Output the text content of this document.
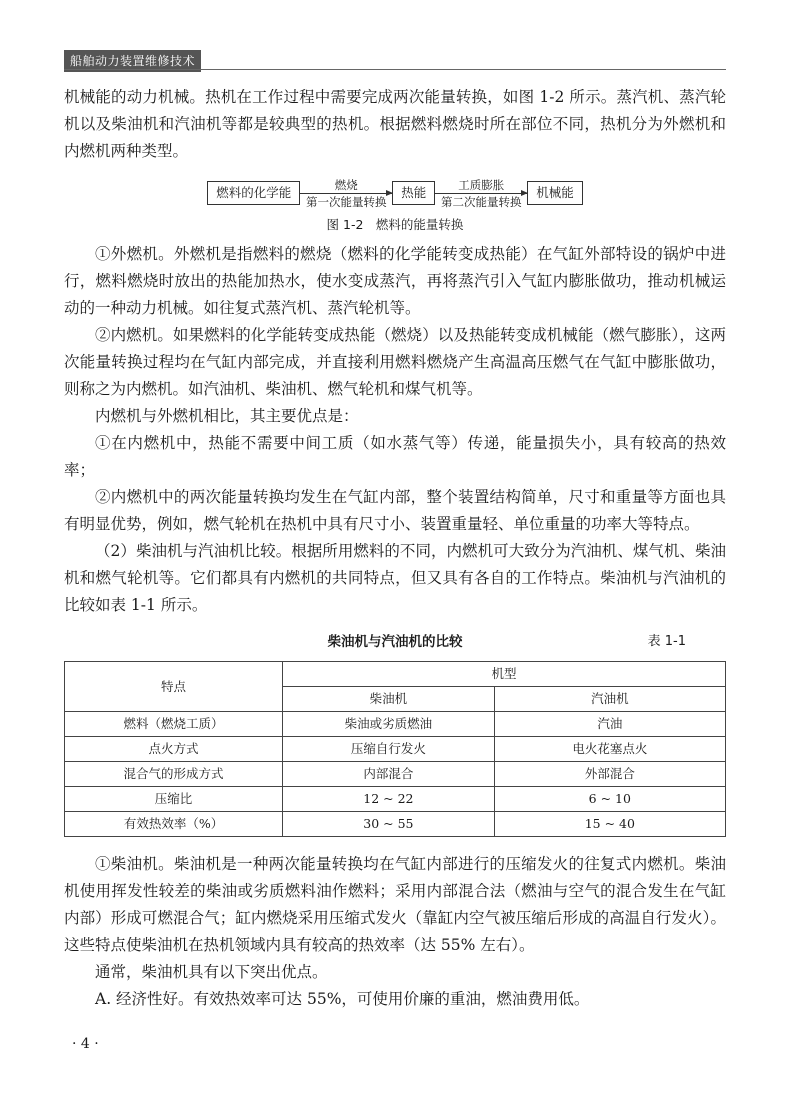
船舶动力装置维修技术

机械能的动力机械。热机在工作过程中需要完成两次能量转换，如图 1-2 所示。蒸汽机、蒸汽轮机以及柴油机和汽油机等都是较典型的热机。根据燃料燃烧时所在部位不同，热机分为外燃机和内燃机两种类型。

燃料的化学能
燃烧
第一次能量转换
热能
工质膨胀
第二次能量转换
机械能
图 1-2　燃料的能量转换

①外燃机。外燃机是指燃料的燃烧（燃料的化学能转变成热能）在气缸外部特设的锅炉中进行，燃料燃烧时放出的热能加热水，使水变成蒸汽，再将蒸汽引入气缸内膨胀做功，推动机械运动的一种动力机械。如往复式蒸汽机、蒸汽轮机等。

②内燃机。如果燃料的化学能转变成热能（燃烧）以及热能转变成机械能（燃气膨胀），这两次能量转换过程均在气缸内部完成，并直接利用燃料燃烧产生高温高压燃气在气缸中膨胀做功，则称之为内燃机。如汽油机、柴油机、燃气轮机和煤气机等。

内燃机与外燃机相比，其主要优点是：

①在内燃机中，热能不需要中间工质（如水蒸气等）传递，能量损失小，具有较高的热效率；

②内燃机中的两次能量转换均发生在气缸内部，整个装置结构简单，尺寸和重量等方面也具有明显优势，例如，燃气轮机在热机中具有尺寸小、装置重量轻、单位重量的功率大等特点。

（2）柴油机与汽油机比较。根据所用燃料的不同，内燃机可大致分为汽油机、煤气机、柴油机和燃气轮机等。它们都具有内燃机的共同特点，但又具有各自的工作特点。柴油机与汽油机的比较如表 1-1 所示。

柴油机与汽油机的比较	表 1-1
特点	机型	
	柴油机	汽油机
燃料（燃烧工质）	柴油或劣质燃油	汽油
点火方式	压缩自行发火	电火花塞点火
混合气的形成方式	内部混合	外部混合
压缩比	12 ~ 22	6 ~ 10
有效热效率（%）	30 ~ 55	15 ~ 40

①柴油机。柴油机是一种两次能量转换均在气缸内部进行的压缩发火的往复式内燃机。柴油机使用挥发性较差的柴油或劣质燃料油作燃料；采用内部混合法（燃油与空气的混合发生在气缸内部）形成可燃混合气；缸内燃烧采用压缩式发火（靠缸内空气被压缩后形成的高温自行发火）。这些特点使柴油机在热机领域内具有较高的热效率（达 55% 左右）。

通常，柴油机具有以下突出优点。

A. 经济性好。有效热效率可达 55%，可使用价廉的重油，燃油费用低。

· 4 ·
